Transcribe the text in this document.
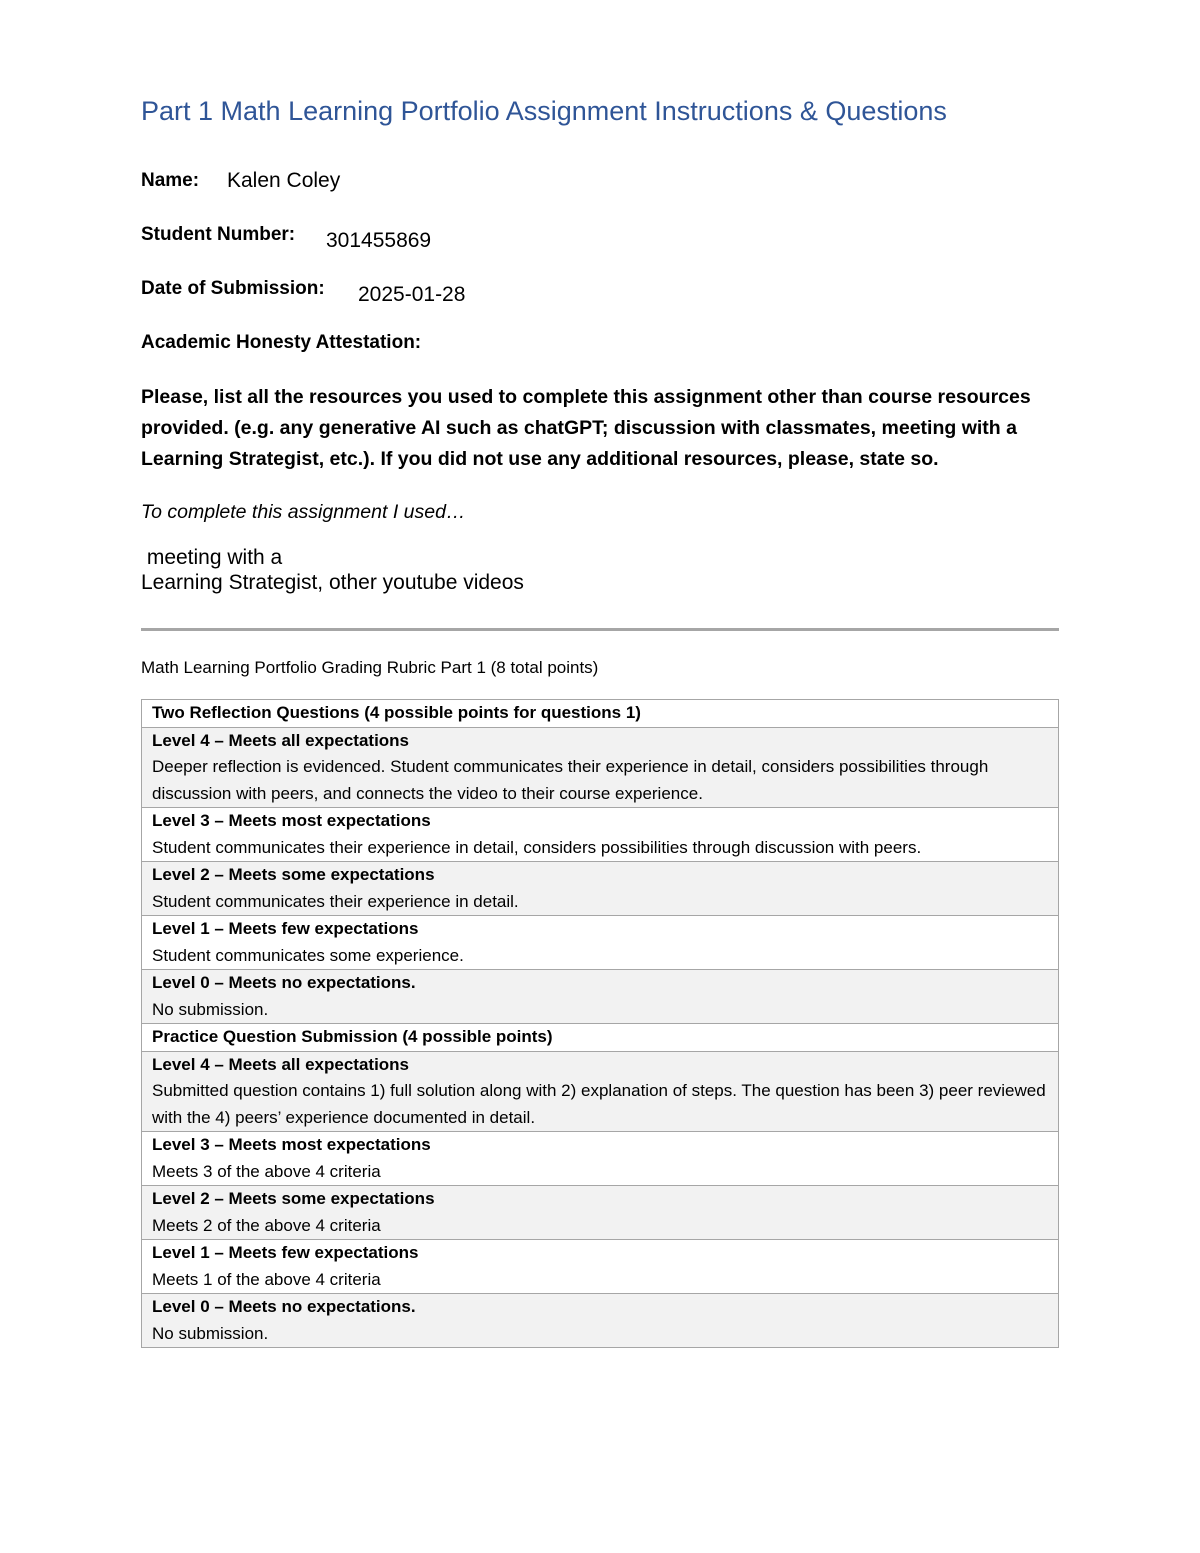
Part 1 Math Learning Portfolio Assignment Instructions & Questions
Name: Kalen Coley
Student Number: 301455869
Date of Submission: 2025-01-28
Academic Honesty Attestation:
Please, list all the resources you used to complete this assignment other than course resources provided. (e.g. any generative AI such as chatGPT; discussion with classmates, meeting with a Learning Strategist, etc.). If you did not use any additional resources, please, state so.
To complete this assignment I used…
meeting with a
Learning Strategist, other youtube videos
Math Learning Portfolio Grading Rubric Part 1 (8 total points)
Two Reflection Questions (4 possible points for questions 1)

Level 4 – Meets all expectations
Deeper reflection is evidenced. Student communicates their experience in detail, considers possibilities through discussion with peers, and connects the video to their course experience.

Level 3 – Meets most expectations
Student communicates their experience in detail, considers possibilities through discussion with peers.

Level 2 – Meets some expectations
Student communicates their experience in detail.

Level 1 – Meets few expectations
Student communicates some experience.

Level 0 – Meets no expectations.
No submission.

Practice Question Submission (4 possible points)

Level 4 – Meets all expectations
Submitted question contains 1) full solution along with 2) explanation of steps. The question has been 3) peer reviewed with the 4) peers’ experience documented in detail.

Level 3 – Meets most expectations
Meets 3 of the above 4 criteria

Level 2 – Meets some expectations
Meets 2 of the above 4 criteria

Level 1 – Meets few expectations
Meets 1 of the above 4 criteria

Level 0 – Meets no expectations.
No submission.
